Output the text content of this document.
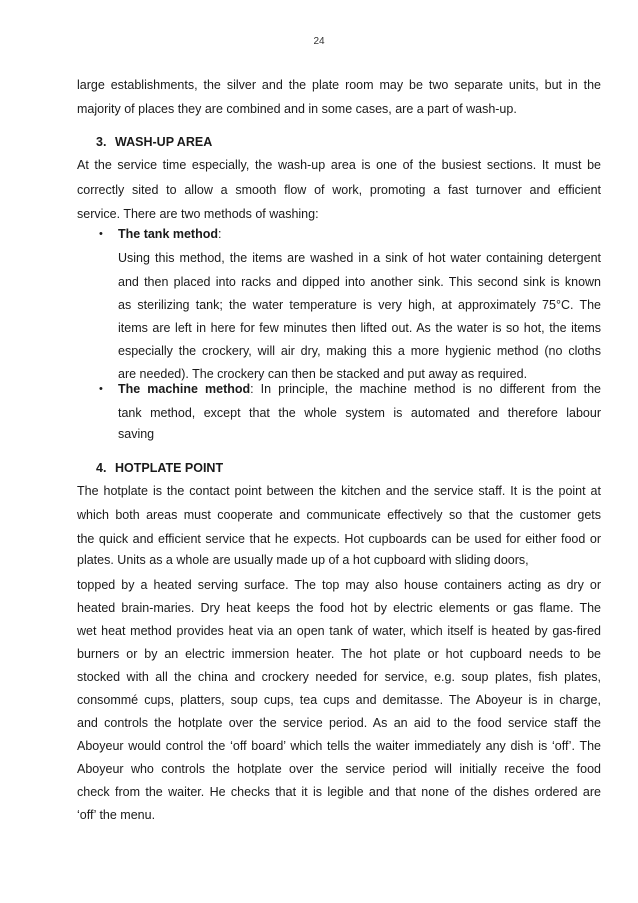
24
large establishments, the silver and the plate room may be two separate units, but in the
majority of places they are combined and in some cases, are a part of wash-up.
3. WASH-UP AREA
At the service time especially, the wash-up area is one of the busiest sections. It must be
correctly sited to allow a smooth flow of work, promoting a fast turnover and efficient
service. There are two methods of washing:
• The tank method:
Using this method, the items are washed in a sink of hot water containing detergent
and then placed into racks and dipped into another sink. This second sink is known
as sterilizing tank; the water temperature is very high, at approximately 75°C. The
items are left in here for few minutes then lifted out. As the water is so hot, the items
especially the crockery, will air dry, making this a more hygienic method (no cloths
are needed). The crockery can then be stacked and put away as required.
• The machine method: In principle, the machine method is no different from the
tank method, except that the whole system is automated and therefore labour
saving
4. HOTPLATE POINT
The hotplate is the contact point between the kitchen and the service staff. It is the point at
which both areas must cooperate and communicate effectively so that the customer gets
the quick and efficient service that he expects. Hot cupboards can be used for either food or
plates. Units as a whole are usually made up of a hot cupboard with sliding doors,
topped by a heated serving surface. The top may also house containers acting as dry or
heated brain-maries. Dry heat keeps the food hot by electric elements or gas flame. The
wet heat method provides heat via an open tank of water, which itself is heated by gas-fired
burners or by an electric immersion heater. The hot plate or hot cupboard needs to be
stocked with all the china and crockery needed for service, e.g. soup plates, fish plates,
consommé cups, platters, soup cups, tea cups and demitasse. The Aboyeur is in charge,
and controls the hotplate over the service period. As an aid to the food service staff the
Aboyeur would control the ‘off board’ which tells the waiter immediately any dish is ‘off’. The
Aboyeur who controls the hotplate over the service period will initially receive the food
check from the waiter. He checks that it is legible and that none of the dishes ordered are
‘off’ the menu.
